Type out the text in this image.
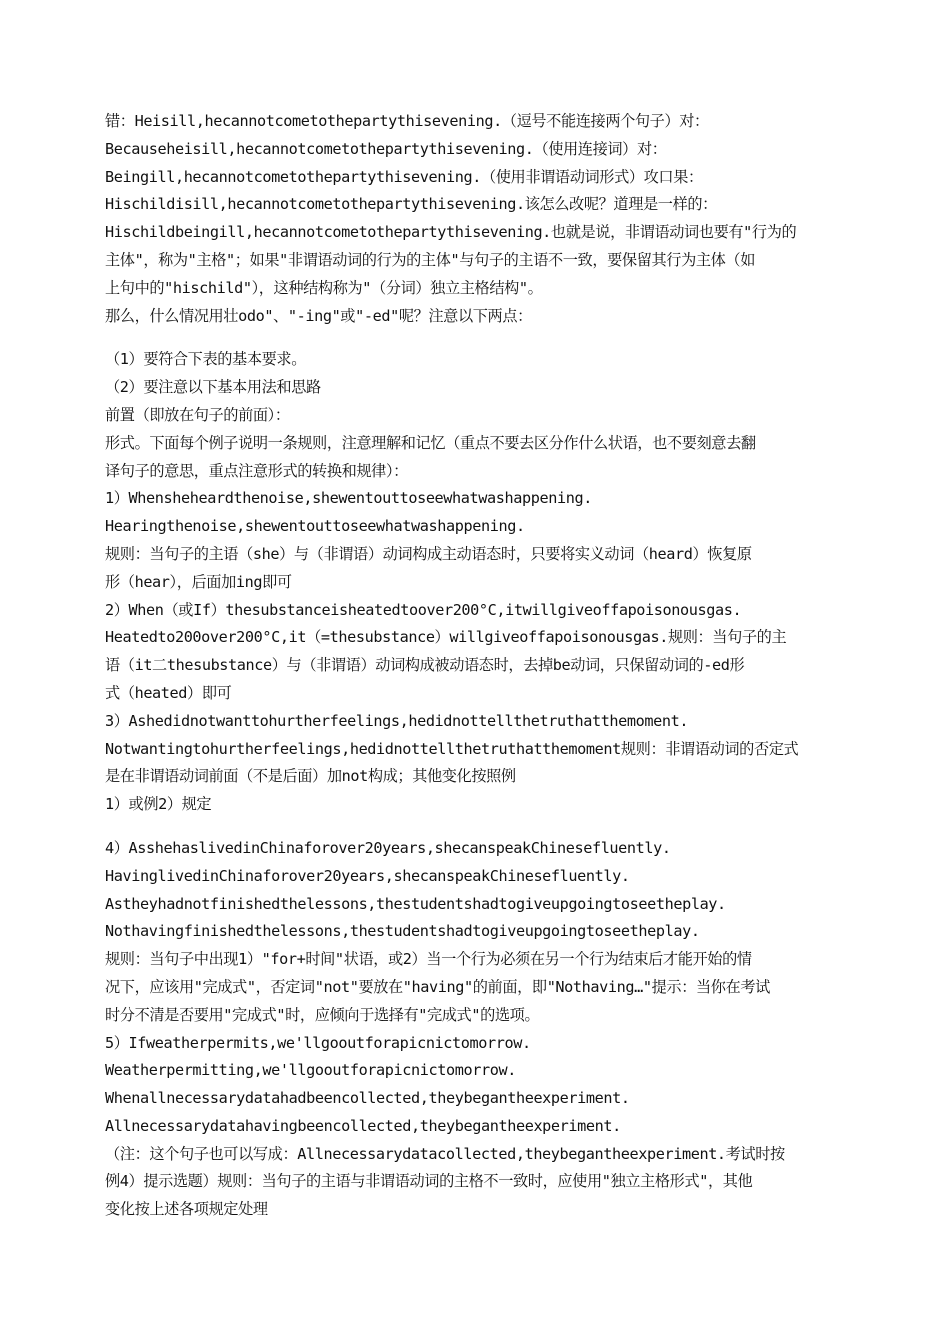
错：Heisill,hecannotcometothepartythisevening.（逗号不能连接两个句子）对：
Becauseheisill,hecannotcometothepartythisevening.（使用连接词）对：
Beingill,hecannotcometothepartythisevening.（使用非谓语动词形式）攻口果：
Hischildisill,hecannotcometothepartythisevening.该怎么改呢？道理是一样的：
Hischildbeingill,hecannotcometothepartythisevening.也就是说，非谓语动词也要有"行为的
主体"，称为"主格"；如果"非谓语动词的行为的主体"与句子的主语不一致，要保留其行为主体（如
上句中的"hischild"），这种结构称为"（分词）独立主格结构"。
那么，什么情况用壮odo"、"-ing"或"-ed"呢？注意以下两点：
（1）要符合下表的基本要求。
（2）要注意以下基本用法和思路
前置（即放在句子的前面）：
形式。下面每个例子说明一条规则，注意理解和记忆（重点不要去区分作什么状语，也不要刻意去翻
译句子的意思，重点注意形式的转换和规律）：
1）Whensheheardthenoise,shewentouttoseewhatwashappening.
Hearingthenoise,shewentouttoseewhatwashappening.
规则：当句子的主语（she）与（非谓语）动词构成主动语态时，只要将实义动词（heard）恢复原
形（hear），后面加ing即可
2）When（或If）thesubstanceisheatedtoover200°C,itwillgiveoffapoisonousgas.
Heatedto200over200°C,it（=thesubstance）willgiveoffapoisonousgas.规则：当句子的主
语（it二thesubstance）与（非谓语）动词构成被动语态时，去掉be动词，只保留动词的-ed形
式（heated）即可
3）Ashedidnotwanttohurtherfeelings,hedidnottellthetruthatthemoment.
Notwantingtohurtherfeelings,hedidnottellthetruthatthemoment规则：非谓语动词的否定式
是在非谓语动词前面（不是后面）加not构成；其他变化按照例
1）或例2）规定
4）AsshehaslivedinChinaforover20years,shecanspeakChinesefluently.
HavinglivedinChinaforover20years,shecanspeakChinesefluently.
Astheyhadnotfinishedthelessons,thestudentshadtogiveupgoingtoseetheplay.
Nothavingfinishedthelessons,thestudentshadtogiveupgoingtoseetheplay.
规则：当句子中出现1）"for+时间"状语，或2）当一个行为必须在另一个行为结束后才能开始的情
况下，应该用"完成式"，否定词"not"要放在"having"的前面，即"Nothaving…"提示：当你在考试
时分不清是否要用"完成式"时，应倾向于选择有"完成式"的选项。
5）Ifweatherpermits,we'llgooutforapicnictomorrow.
Weatherpermitting,we'llgooutforapicnictomorrow.
Whenallnecessarydatahadbeencollected,theybegantheexperiment.
Allnecessarydatahavingbeencollected,theybegantheexperiment.
（注：这个句子也可以写成：Allnecessarydatacollected,theybegantheexperiment.考试时按
例4）提示选题）规则：当句子的主语与非谓语动词的主格不一致时，应使用"独立主格形式"，其他
变化按上述各项规定处理
